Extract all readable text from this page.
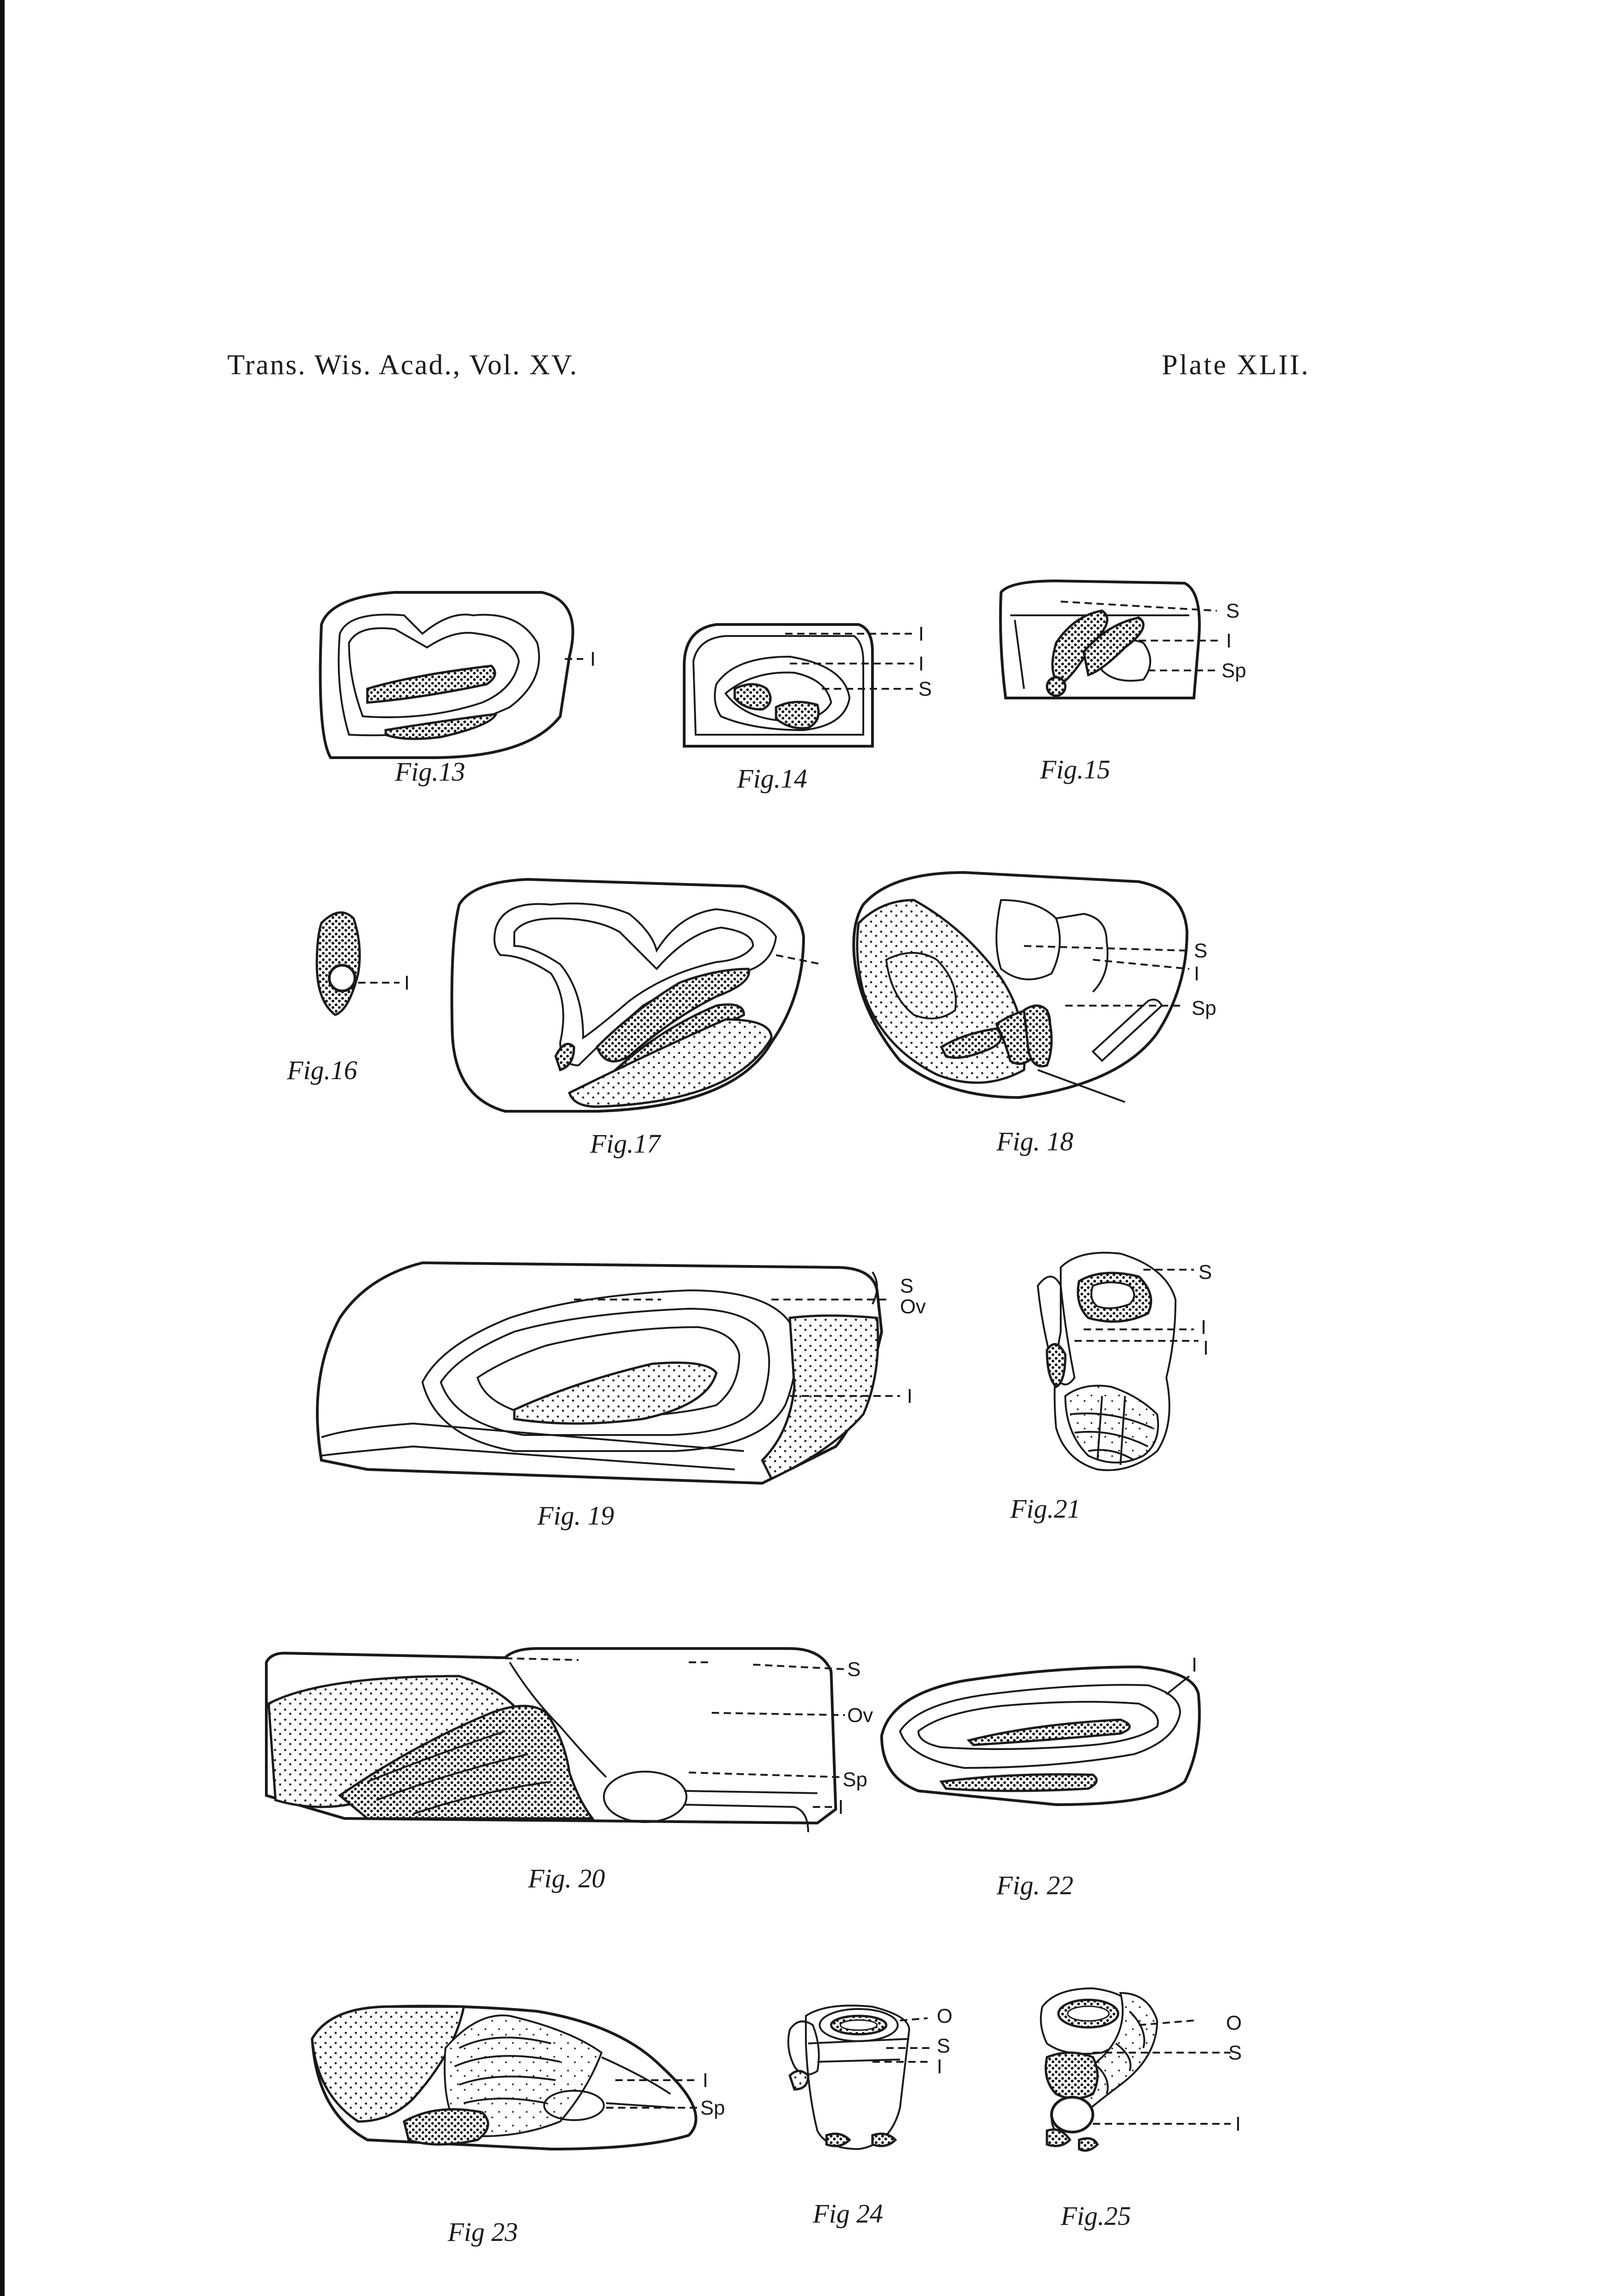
Trans. Wis. Acad., Vol. XV.	Plate XLII.
I
Fig.13
I
I
S
Fig.14
S
I
Sp
Fig.15
I
Fig.16
Fig.17
S
I
Sp
Fig. 18
S
Ov
I
Fig. 19
S
I
I
Fig.21
S
Ov
Sp
I
Fig. 20
I
Fig. 22
I
Sp
Fig 23
O
S
I
Fig 24
O
S
I
Fig.25
